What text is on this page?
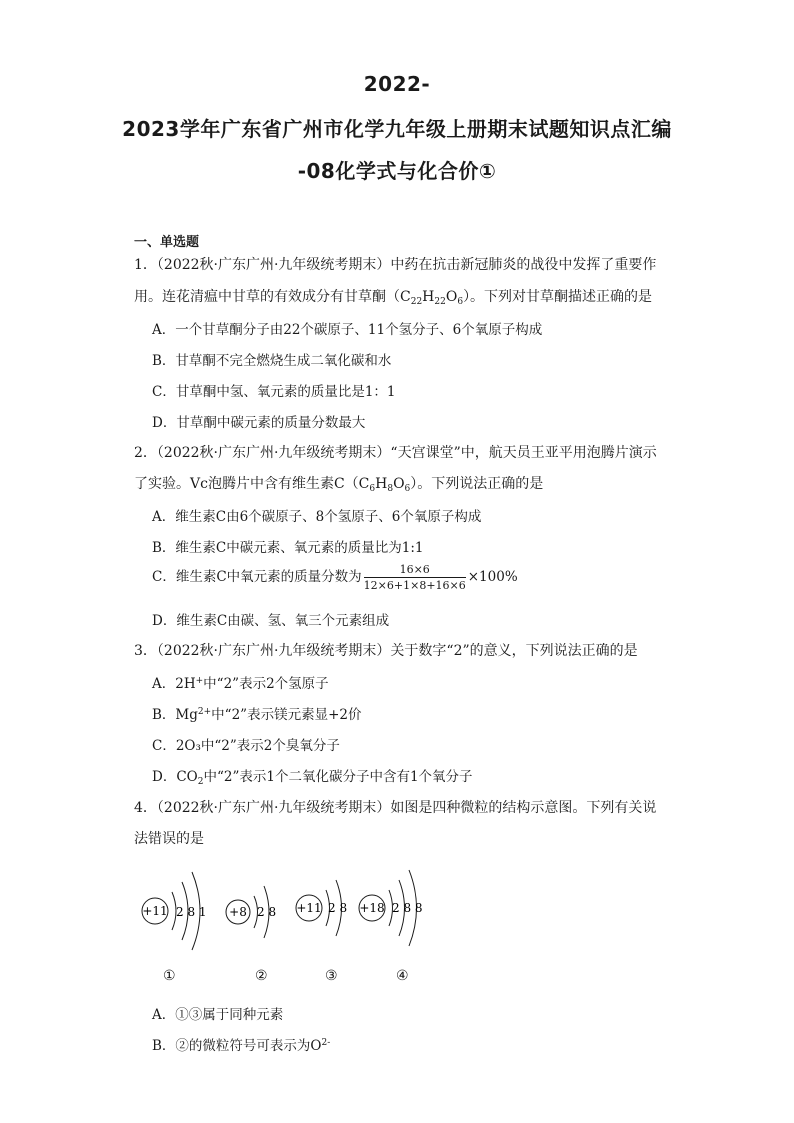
2022-
2023学年广东省广州市化学九年级上册期末试题知识点汇编
-08化学式与化合价①
一、单选题
1．（2022秋·广东广州·九年级统考期末）中药在抗击新冠肺炎的战役中发挥了重要作
用。连花清瘟中甘草的有效成分有甘草酮$(C_{22}H_{22}O_6)$。下列对甘草酮描述正确的是
A．一个甘草酮分子由22个碳原子、11个氢分子、6个氧原子构成
B．甘草酮不完全燃烧生成二氧化碳和水
C．甘草酮中氢、氧元素的质量比是1：1
D．甘草酮中碳元素的质量分数最大
2．（2022秋·广东广州·九年级统考期末）“天宫课堂”中，航天员王亚平用泡腾片演示
了实验。Vc泡腾片中含有维生素$C(C_6H_8O_6)$。下列说法正确的是
A．维生素C由6个碳原子、8个氢原子、6个氧原子构成
B．维生素C中碳元素、氧元素的质量比为1:1
C．维生素C中氧元素的质量分数为 $\frac{16\times 6}{12\times 6+1\times 8+16\times 6} \times 100\%$
D．维生素C由碳、氢、氧三个元素组成
3．（2022秋·广东广州·九年级统考期末）关于数字“2”的意义，下列说法正确的是
A．2H+中“2”表示2个氢原子
B．$Mg^{2+}$中“2”表示镁元素显+2价
C．2O₃中“2”表示2个臭氧分子
D．$CO_2$中“2”表示1个二氧化碳分子中含有1个氧分子
4．（2022秋·广东广州·九年级统考期末）如图是四种微粒的结构示意图。下列有关说
法错误的是
+11 2 8 1 +8 2 8 +11 2 8 +18 2 8 8
①	②	③	④
A．①③属于同种元素
B．②的微粒符号可表示为$O^{2-}$
